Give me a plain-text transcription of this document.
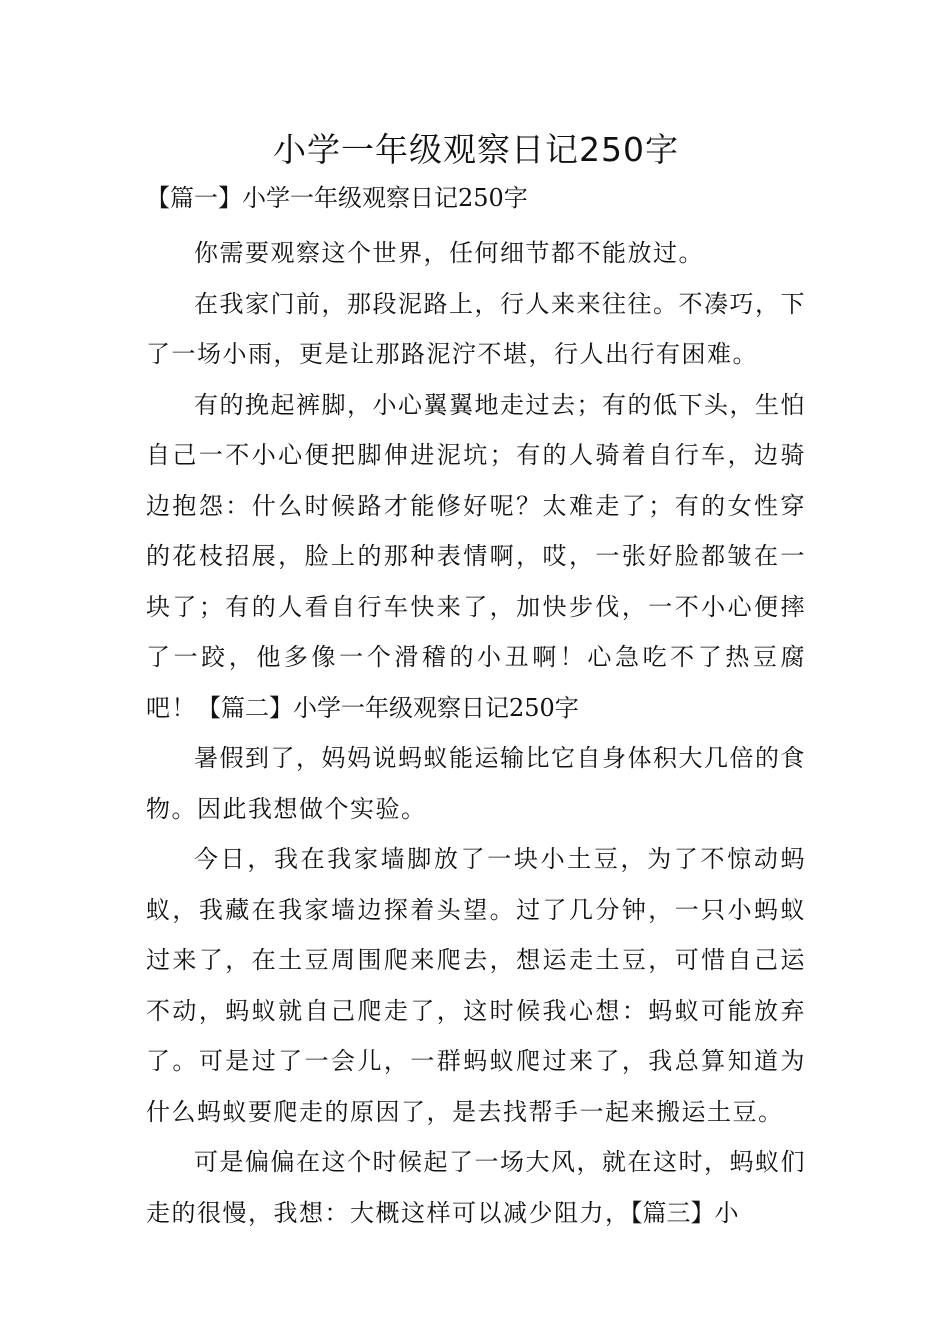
小学一年级观察日记250字

【篇一】小学一年级观察日记250字

你需要观察这个世界，任何细节都不能放过。

在我家门前，那段泥路上，行人来来往往。不凑巧，下了一场小雨，更是让那路泥泞不堪，行人出行有困难。

有的挽起裤脚，小心翼翼地走过去；有的低下头，生怕自己一不小心便把脚伸进泥坑；有的人骑着自行车，边骑边抱怨：什么时候路才能修好呢？太难走了；有的女性穿的花枝招展，脸上的那种表情啊，哎，一张好脸都皱在一块了；有的人看自行车快来了，加快步伐，一不小心便摔了一跤，他多像一个滑稽的小丑啊！心急吃不了热豆腐吧！【篇二】小学一年级观察日记250字

暑假到了，妈妈说蚂蚁能运输比它自身体积大几倍的食物。因此我想做个实验。

今日，我在我家墙脚放了一块小土豆，为了不惊动蚂蚁，我藏在我家墙边探着头望。过了几分钟，一只小蚂蚁过来了，在土豆周围爬来爬去，想运走土豆，可惜自己运不动，蚂蚁就自己爬走了，这时候我心想：蚂蚁可能放弃了。可是过了一会儿，一群蚂蚁爬过来了，我总算知道为什么蚂蚁要爬走的原因了，是去找帮手一起来搬运土豆。

可是偏偏在这个时候起了一场大风，就在这时，蚂蚁们走的很慢，我想：大概这样可以减少阻力，【篇三】小
